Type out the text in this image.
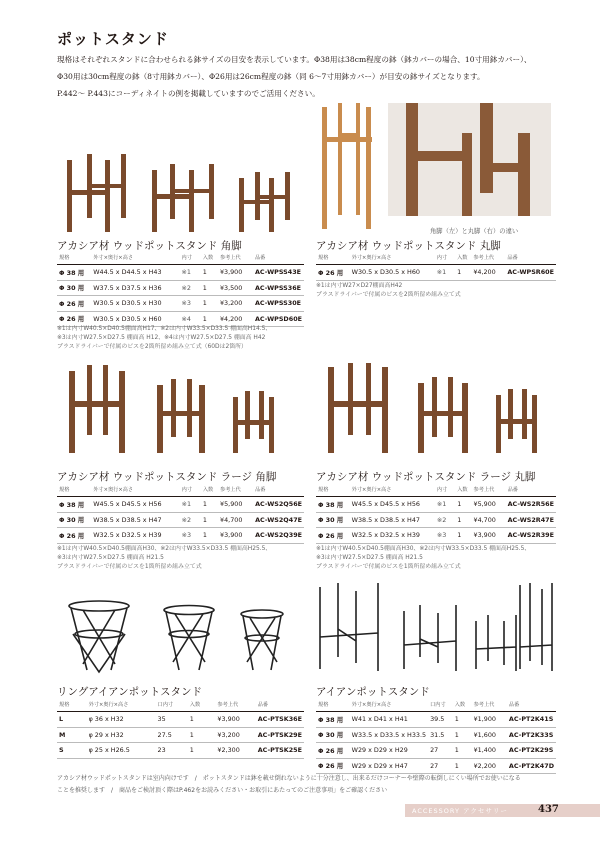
ポットスタンド
現格はそれぞれスタンドに合わせられる鉢サイズの目安を表示しています。Φ38用は38cm程度の鉢（鉢カバーの場合、10寸用鉢カバー）、
Φ30用は30cm程度の鉢（8寸用鉢カバー）、Φ26用は26cm程度の鉢（同 6〜7寸用鉢カバー）が目安の鉢サイズとなります。
P.442〜 P.443にコーディネイトの例を掲載していますのでご活用ください。
角脚（左）と丸脚（右）の違い
アカシア材 ウッドポットスタンド 角脚
規格	外寸×奥行×高さ	内寸	入数	参考上代	品番
Φ 38 用	W44.5 x D44.5 x H43	※1	1	¥3,900	AC-WPSS43E
Φ 30 用	W37.5 x D37.5 x H36	※2	1	¥3,500	AC-WPSS36E
Φ 26 用	W30.5 x D30.5 x H30	※3	1	¥3,200	AC-WPSS30E
Φ 26 用	W30.5 x D30.5 x H60	※4	1	¥4,200	AC-WPSD60E
※1は内寸W40.5×D40.5棚面高H17、※2は内寸W33.5×D33.5 棚面高H14.5、
※3は内寸W27.5×D27.5 棚面高 H12、※4は内寸W27.5×D27.5 棚面高 H42
プラスドライバーで付属のビスを2箇所留め組み立て式（60Dは2箇所）
アカシア材 ウッドポットスタンド 丸脚
規格	外寸×奥行×高さ	内寸	入数	参考上代	品番
Φ 26 用	W30.5 x D30.5 x H60	※1	1	¥4,200	AC-WPSR60E
※1は内寸W27×D27棚面高H42
プラスドライバーで付属のビスを2箇所留め組み立て式
アカシア材 ウッドポットスタンド ラージ 角脚
規格	外寸×奥行×高さ	内寸	入数	参考上代	品番
Φ 38 用	W45.5 x D45.5 x H56	※1	1	¥5,900	AC-WS2Q56E
Φ 30 用	W38.5 x D38.5 x H47	※2	1	¥4,700	AC-WS2Q47E
Φ 26 用	W32.5 x D32.5 x H39	※3	1	¥3,900	AC-WS2Q39E
※1は内寸W40.5×D40.5棚面高H30、※2は内寸W33.5×D33.5 棚面高H25.5、
※3は内寸W27.5×D27.5 棚面高 H21.5
プラスドライバーで付属のビスを1箇所留め組み立て式
アカシア材 ウッドポットスタンド ラージ 丸脚
規格	外寸×奥行×高さ	内寸	入数	参考上代	品番
Φ 38 用	W45.5 x D45.5 x H56	※1	1	¥5,900	AC-WS2R56E
Φ 30 用	W38.5 x D38.5 x H47	※2	1	¥4,700	AC-WS2R47E
Φ 26 用	W32.5 x D32.5 x H39	※3	1	¥3,900	AC-WS2R39E
※1は内寸W40.5×D40.5棚面高H30、※2は内寸W33.5×D33.5 棚面高H25.5、
※3は内寸W27.5×D27.5 棚面高 H21.5
プラスドライバーで付属のビスを1箇所留め組み立て式
リングアイアンポットスタンド
規格	外寸×奥行×高さ	口内寸	入数	参考上代	品番
L	φ 36 x H32	35	1	¥3,900	AC-PTSK36E
M	φ 29 x H32	27.5	1	¥3,200	AC-PTSK29E
S	φ 25 x H26.5	23	1	¥2,300	AC-PTSK25E
アイアンポットスタンド
規格	外寸×奥行×高さ	口内寸	入数	参考上代	品番
Φ 38 用	W41 x D41 x H41	39.5	1	¥1,900	AC-PT2K41S
Φ 30 用	W33.5 x D33.5 x H33.5	31.5	1	¥1,600	AC-PT2K33S
Φ 26 用	W29 x D29 x H29	27	1	¥1,400	AC-PT2K29S
Φ 26 用	W29 x D29 x H47	27	1	¥2,200	AC-PT2K47D
アカシア材ウッドポットスタンドは室内向けです　/　ポットスタンドは鉢を載せ倒れないように十分注意し、出来るだけコーナーや壁際の転倒しにくい場所でお使いになる
ことを推奨します　/　商品をご検討頂く際はP.462をお読みください・お取引にあたってのご注意事項」をご確認ください
ACCESSORY アクセサリー	437
